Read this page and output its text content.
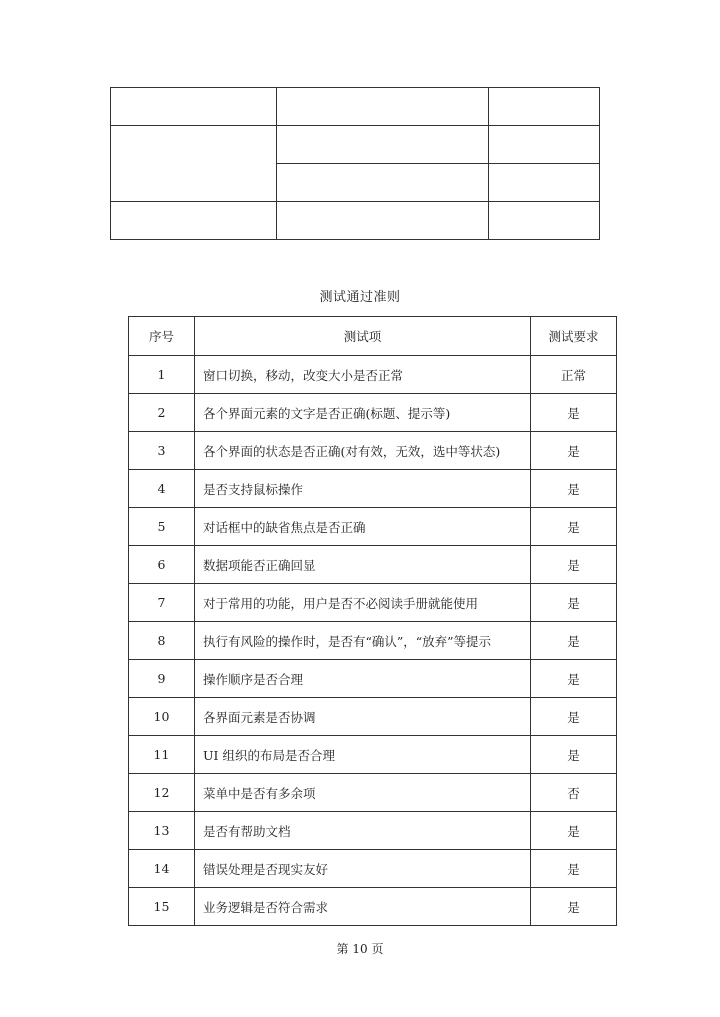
测试通过准则
序号	测试项	测试要求
1	窗口切换，移动，改变大小是否正常	正常
2	各个界面元素的文字是否正确(标题、提示等)	是
3	各个界面的状态是否正确(对有效，无效，选中等状态)	是
4	是否支持鼠标操作	是
5	对话框中的缺省焦点是否正确	是
6	数据项能否正确回显	是
7	对于常用的功能，用户是否不必阅读手册就能使用	是
8	执行有风险的操作时，是否有“确认”，“放弃”等提示	是
9	操作顺序是否合理	是
10	各界面元素是否协调	是
11	UI 组织的布局是否合理	是
12	菜单中是否有多余项	否
13	是否有帮助文档	是
14	错误处理是否现实友好	是
15	业务逻辑是否符合需求	是
第 10 页
